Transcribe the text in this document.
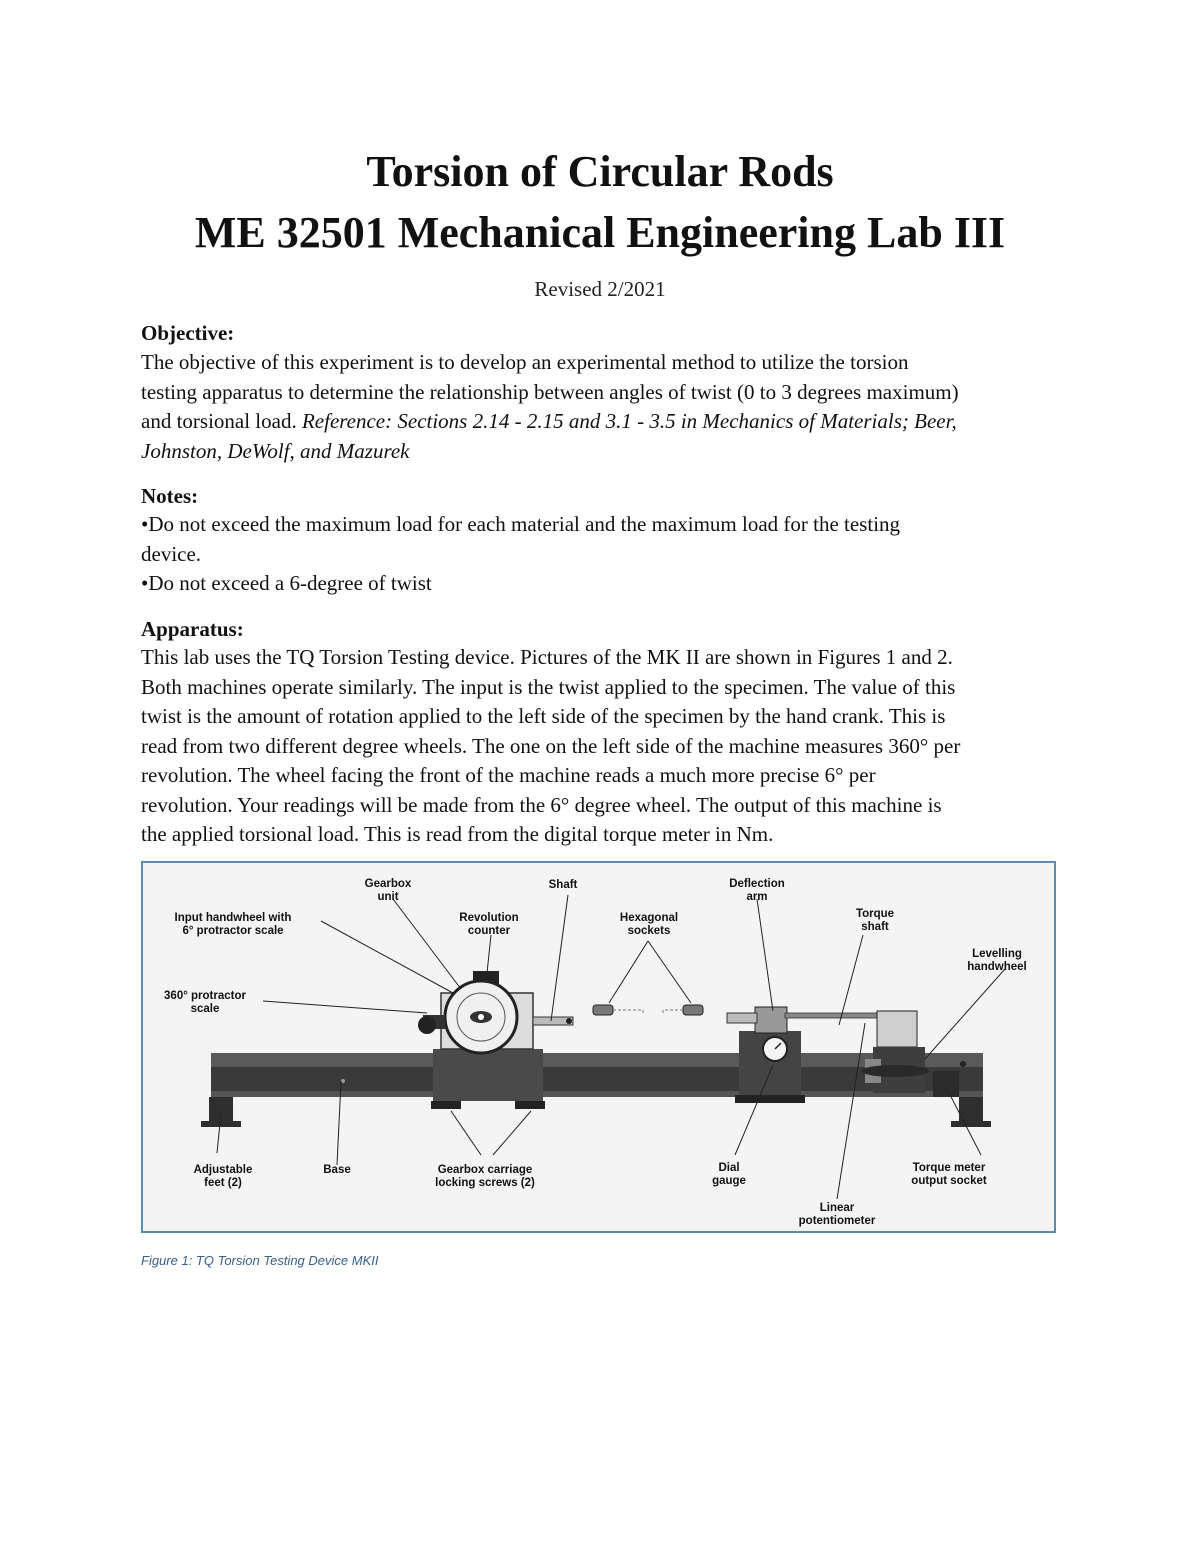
Torsion of Circular Rods
ME 32501 Mechanical Engineering Lab III
Revised 2/2021
Objective:
The objective of this experiment is to develop an experimental method to utilize the torsion
testing apparatus to determine the relationship between angles of twist (0 to 3 degrees maximum)
and torsional load. Reference: Sections 2.14 - 2.15 and 3.1 - 3.5 in Mechanics of Materials; Beer,
Johnston, DeWolf, and Mazurek
Notes:
•Do not exceed the maximum load for each material and the maximum load for the testing
device.
•Do not exceed a 6-degree of twist
Apparatus:
This lab uses the TQ Torsion Testing device. Pictures of the MK II are shown in Figures 1 and 2.
Both machines operate similarly. The input is the twist applied to the specimen. The value of this
twist is the amount of rotation applied to the left side of the specimen by the hand crank. This is
read from two different degree wheels. The one on the left side of the machine measures 360° per
revolution. The wheel facing the front of the machine reads a much more precise 6° per
revolution. Your readings will be made from the 6° degree wheel. The output of this machine is
the applied torsional load. This is read from the digital torque meter in Nm.
Gearbox
unit
Shaft	Deflection
arm
Input handwheel with
6° protractor scale
Revolution
counter
Hexagonal
sockets
Torque
shaft
Levelling
handwheel
360° protractor
scale
Adjustable
feet (2)
Base	Gearbox carriage
locking screws (2)
Dial
gauge
Torque meter
output socket
Linear
potentiometer
Figure 1: TQ Torsion Testing Device MKII
